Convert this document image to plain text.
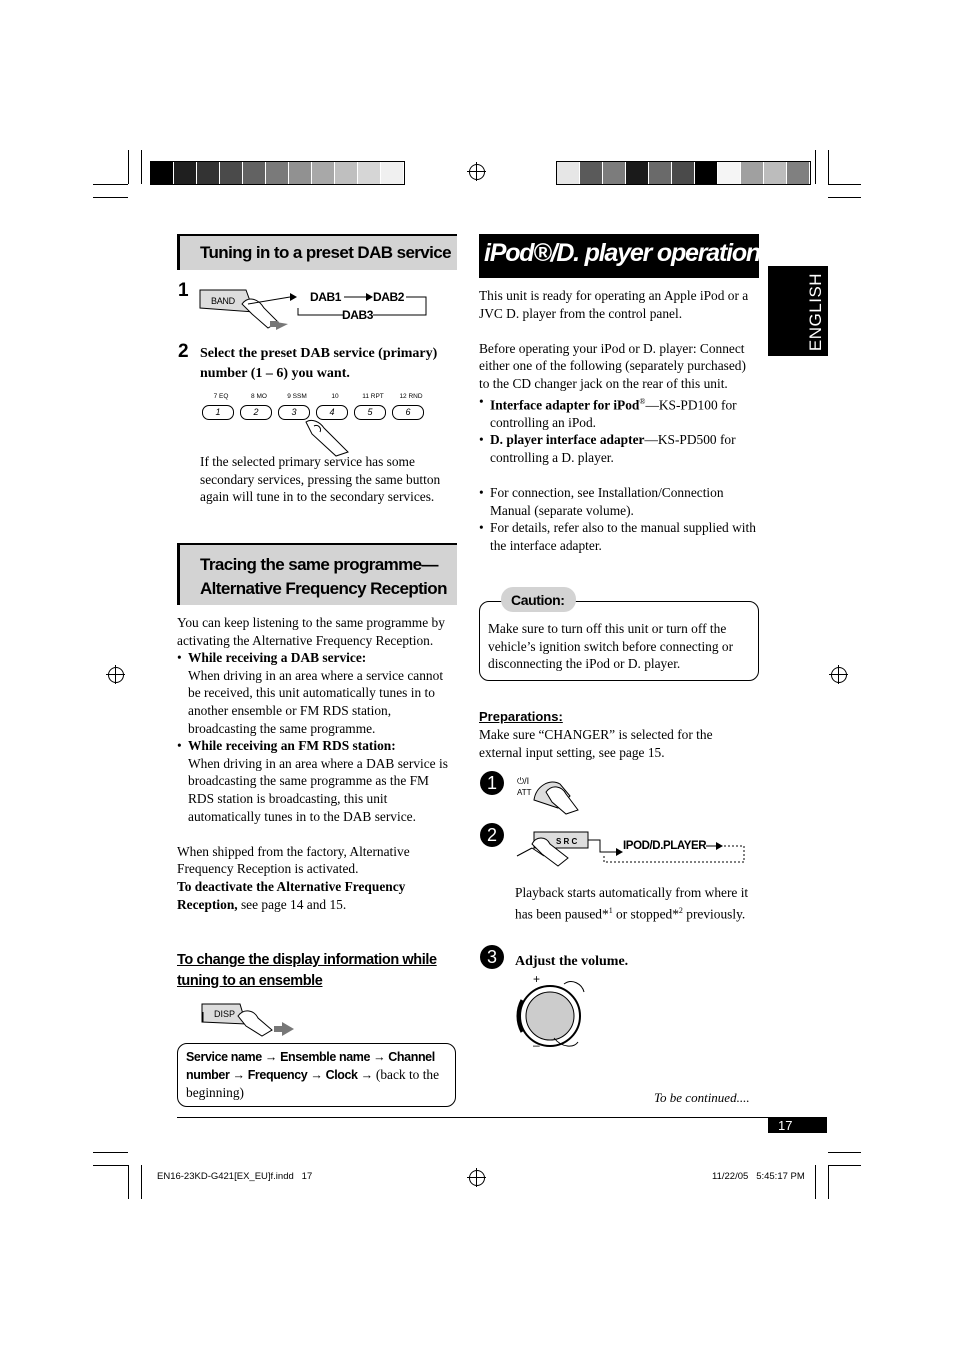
ENGLISH
Tuning in to a preset DAB service
1 BAND	DAB1	DAB2
DAB3
2 Select the preset DAB service (primary) number (1 – 6) you want.
7 EQ	8 MO	9 SSM	10	11 RPT	12 RND
1	2	3	4	5	6
If the selected primary service has some secondary services, pressing the same button again will tune in to the secondary services.
Tracing the same programme—
Alternative Frequency Reception

You can keep listening to the same programme by activating the Alternative Frequency Reception.

• While receiving a DAB service:
When driving in an area where a service cannot be received, this unit automatically tunes in to another ensemble or FM RDS station, broadcasting the same programme.
• While receiving an FM RDS station:
When driving in an area where a DAB service is broadcasting the same programme as the FM RDS station is broadcasting, this unit automatically tunes in to the DAB service.

When shipped from the factory, Alternative Frequency Reception is activated.

To deactivate the Alternative Frequency Reception, see page 14 and 15.

To change the display information while
tuning to an ensemble
DISP
Service name → Ensemble name → Channel number → Frequency → Clock → (back to the beginning)
iPod®/D. player operations

This unit is ready for operating an Apple iPod or a JVC D. player from the control panel.

Before operating your iPod or D. player: Connect either one of the following (separately purchased) to the CD changer jack on the rear of this unit.

• Interface adapter for iPod®—KS-PD100 for controlling an iPod.
• D. player interface adapter—KS-PD500 for controlling a D. player.
• For connection, see Installation/Connection Manual (separate volume).
• For details, refer also to the manual supplied with the interface adapter.
Caution:
Make sure to turn off this unit or turn off the vehicle’s ignition switch before connecting or disconnecting the iPod or D. player.
Preparations:
Make sure “CHANGER” is selected for the external input setting, see page 15.
1	⏻/I
ATT
2	S R C	IPOD/D.PLAYER
Playback starts automatically from where it has been paused*$^1$ or stopped*$^2$ previously.
3	Adjust the volume.
+
–
To be continued....
17
EN16-23KD-G421[EX_EU]f.indd   17	11/22/05   5:45:17 PM
